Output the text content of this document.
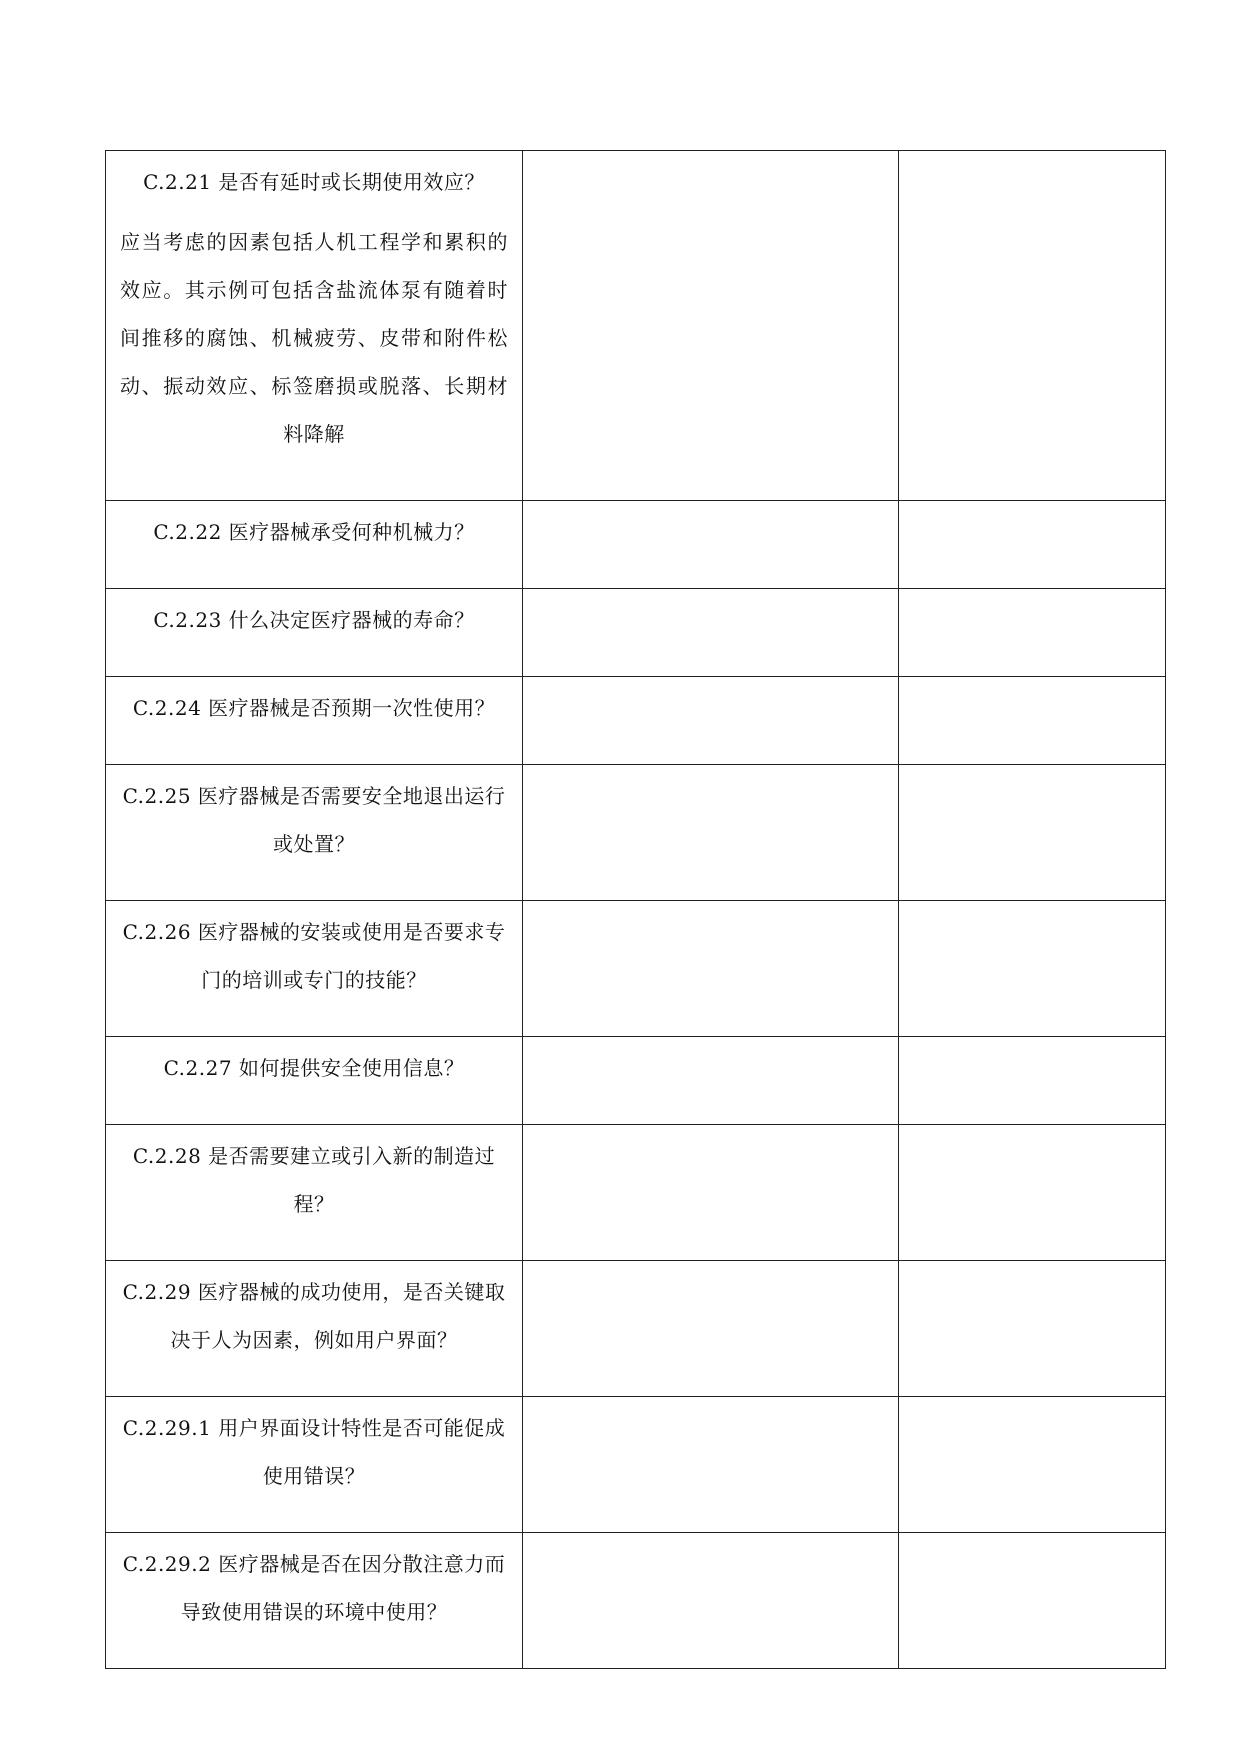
C.2.21 是否有延时或长期使用效应？
应当考虑的因素包括人机工程学和累积的效应。其示例可包括含盐流体泵有随着时间推移的腐蚀、机械疲劳、皮带和附件松动、振动效应、标签磨损或脱落、长期材料降解		

C.2.22 医疗器械承受何种机械力？		

C.2.23 什么决定医疗器械的寿命？		

C.2.24 医疗器械是否预期一次性使用？		

C.2.25 医疗器械是否需要安全地退出运行或处置？		

C.2.26 医疗器械的安装或使用是否要求专门的培训或专门的技能？		

C.2.27 如何提供安全使用信息？		

C.2.28 是否需要建立或引入新的制造过程？		

C.2.29 医疗器械的成功使用，是否关键取决于人为因素，例如用户界面？		

C.2.29.1 用户界面设计特性是否可能促成使用错误？		

C.2.29.2 医疗器械是否在因分散注意力而导致使用错误的环境中使用？		
